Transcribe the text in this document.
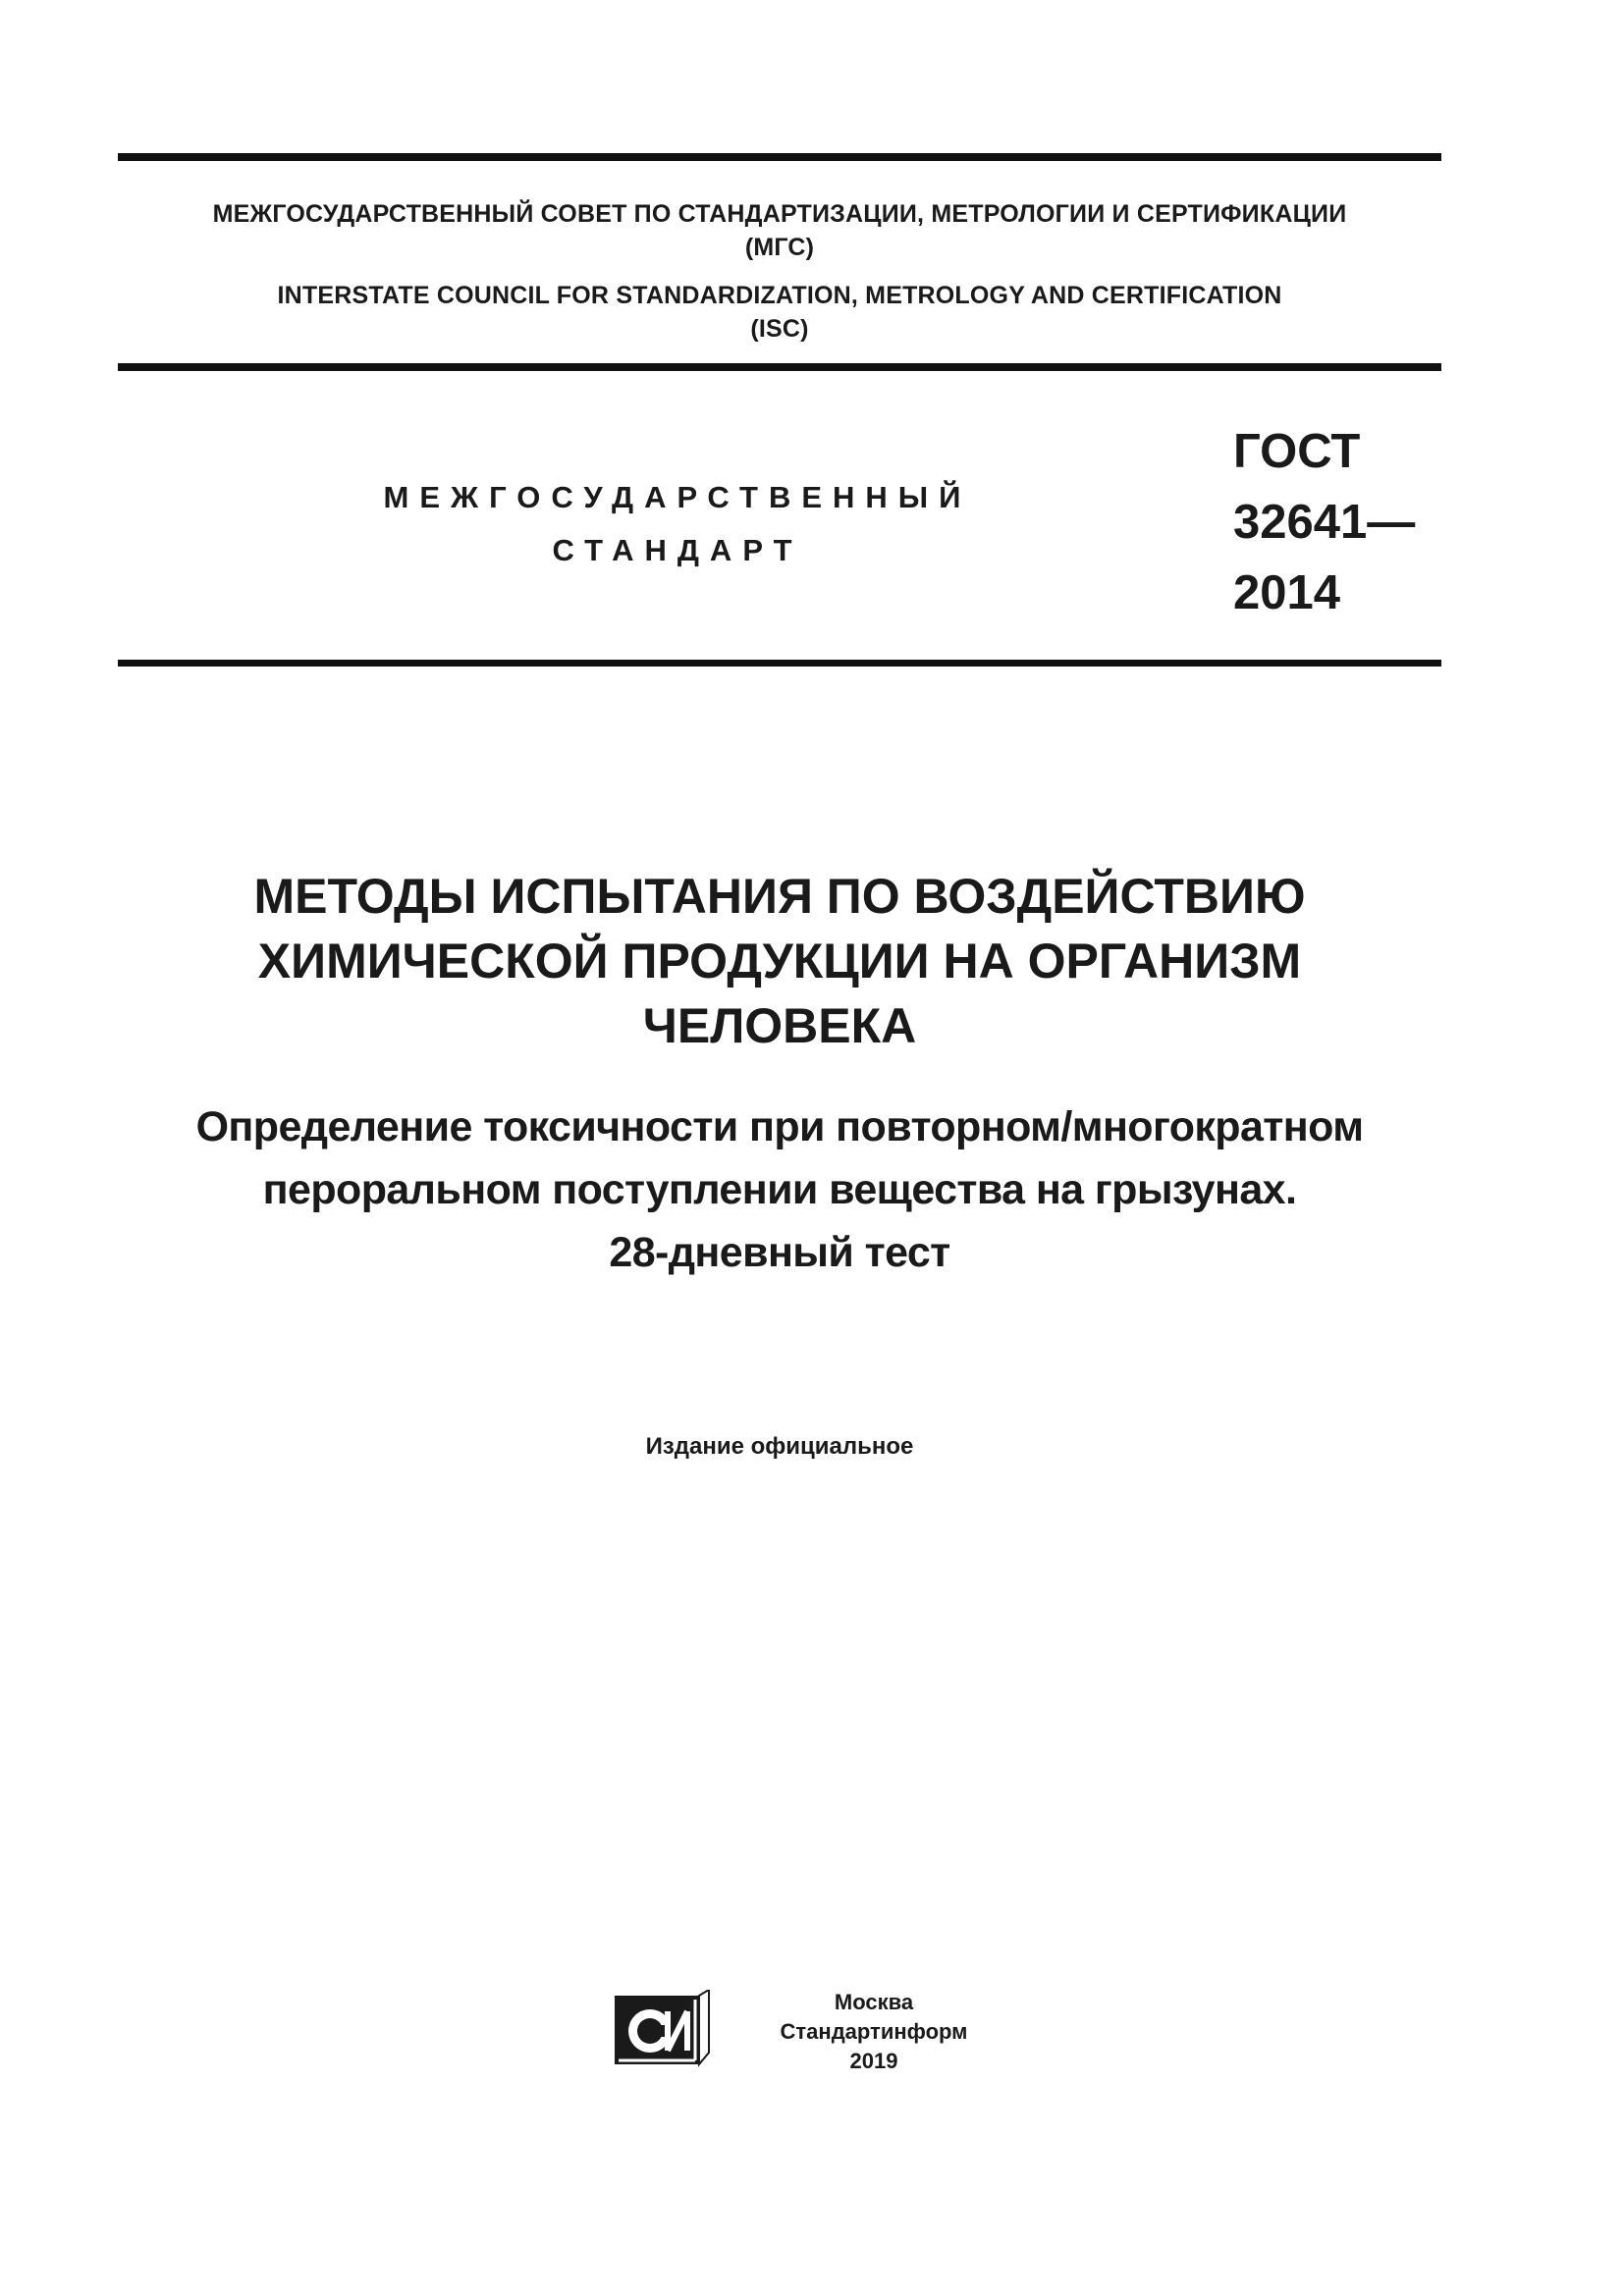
МЕЖГОСУДАРСТВЕННЫЙ СОВЕТ ПО СТАНДАРТИЗАЦИИ, МЕТРОЛОГИИ И СЕРТИФИКАЦИИ
(МГС)
INTERSTATE COUNCIL FOR STANDARDIZATION, METROLOGY AND CERTIFICATION
(ISC)
МЕЖГОСУДАРСТВЕННЫЙ
СТАНДАРТ
ГОСТ
32641—
2014
МЕТОДЫ ИСПЫТАНИЯ ПО ВОЗДЕЙСТВИЮ
ХИМИЧЕСКОЙ ПРОДУКЦИИ НА ОРГАНИЗМ
ЧЕЛОВЕКА
Определение токсичности при повторном/многократном
пероральном поступлении вещества на грызунах.
28-дневный тест
Издание официальное
Москва
Стандартинформ
2019
